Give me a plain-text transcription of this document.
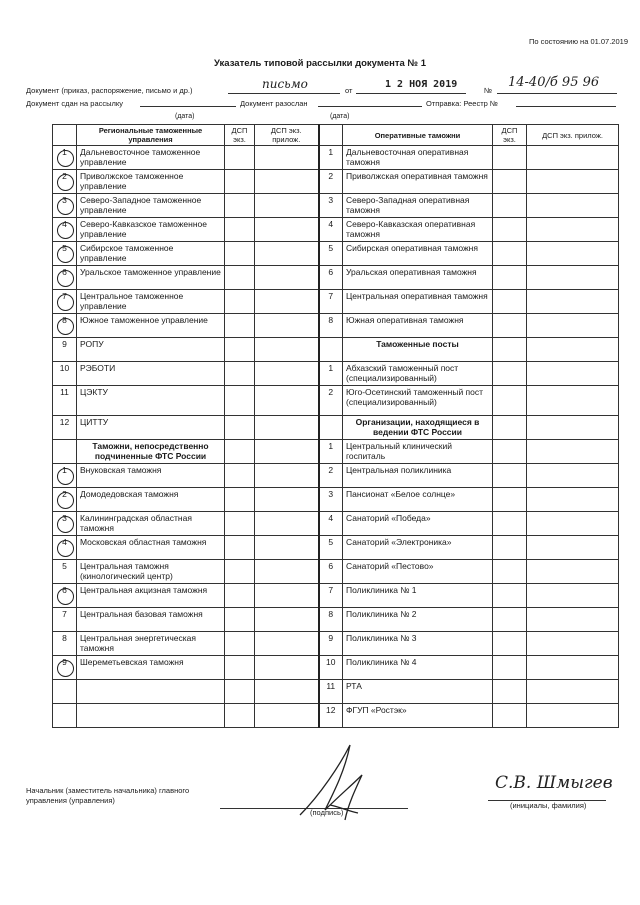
По состоянию на 01.07.2019
Указатель типовой рассылки документа № 1
Документ (приказ, распоряжение, письмо и др.)	письмо	от
1 2 НОЯ 2019
№
14-40/б 95 96
Документ сдан на рассылку	Документ разослан	Отправка: Реестр №
(дата)	(дата)
	Региональные таможенные управления	ДСП экз.	ДСП экз. прилож.		Оперативные таможни	ДСП экз.	ДСП экз. прилож.

1	Дальневосточное таможенное управление			1	Дальневосточная оперативная таможня		

2	Приволжское таможенное управление			2	Приволжская оперативная таможня		

3	Северо-Западное таможенное управление			3	Северо-Западная оперативная таможня		

4	Северо-Кавказское таможенное управление			4	Северо-Кавказская оперативная таможня		

5	Сибирское таможенное управление			5	Сибирская оперативная таможня		

6	Уральское таможенное управление			6	Уральская оперативная таможня		

7	Центральное таможенное управление			7	Центральная оперативная таможня		

8	Южное таможенное управление			8	Южная оперативная таможня		
9	РОПУ				Таможенные посты		
10	РЭБОТИ			1	Абхазский таможенный пост (специализированный)		
11	ЦЭКТУ			2	Юго-Осетинский таможенный пост (специализированный)		
12	ЦИТТУ				Организации, находящиеся в ведении ФТС России		
	Таможни, непосредственно подчиненные ФТС России			1	Центральный клинический госпиталь		

1	Внуковская таможня			2	Центральная поликлиника		

2	Домодедовская таможня			3	Пансионат «Белое солнце»		

3	Калининградская областная таможня			4	Санаторий «Победа»		

4	Московская областная таможня			5	Санаторий «Электроника»		
5	Центральная таможня (кинологический центр)			6	Санаторий «Пестово»		

6	Центральная акцизная таможня			7	Поликлиника № 1		
7	Центральная базовая таможня			8	Поликлиника № 2		
8	Центральная энергетическая таможня			9	Поликлиника № 3		

9	Шереметьевская таможня			10	Поликлиника № 4		
				11	РТА		
				12	ФГУП «Ростэк»		
Начальник (заместитель начальника) главного управления (управления)
(подпись)
С.В. Шмыгев
(инициалы, фамилия)
